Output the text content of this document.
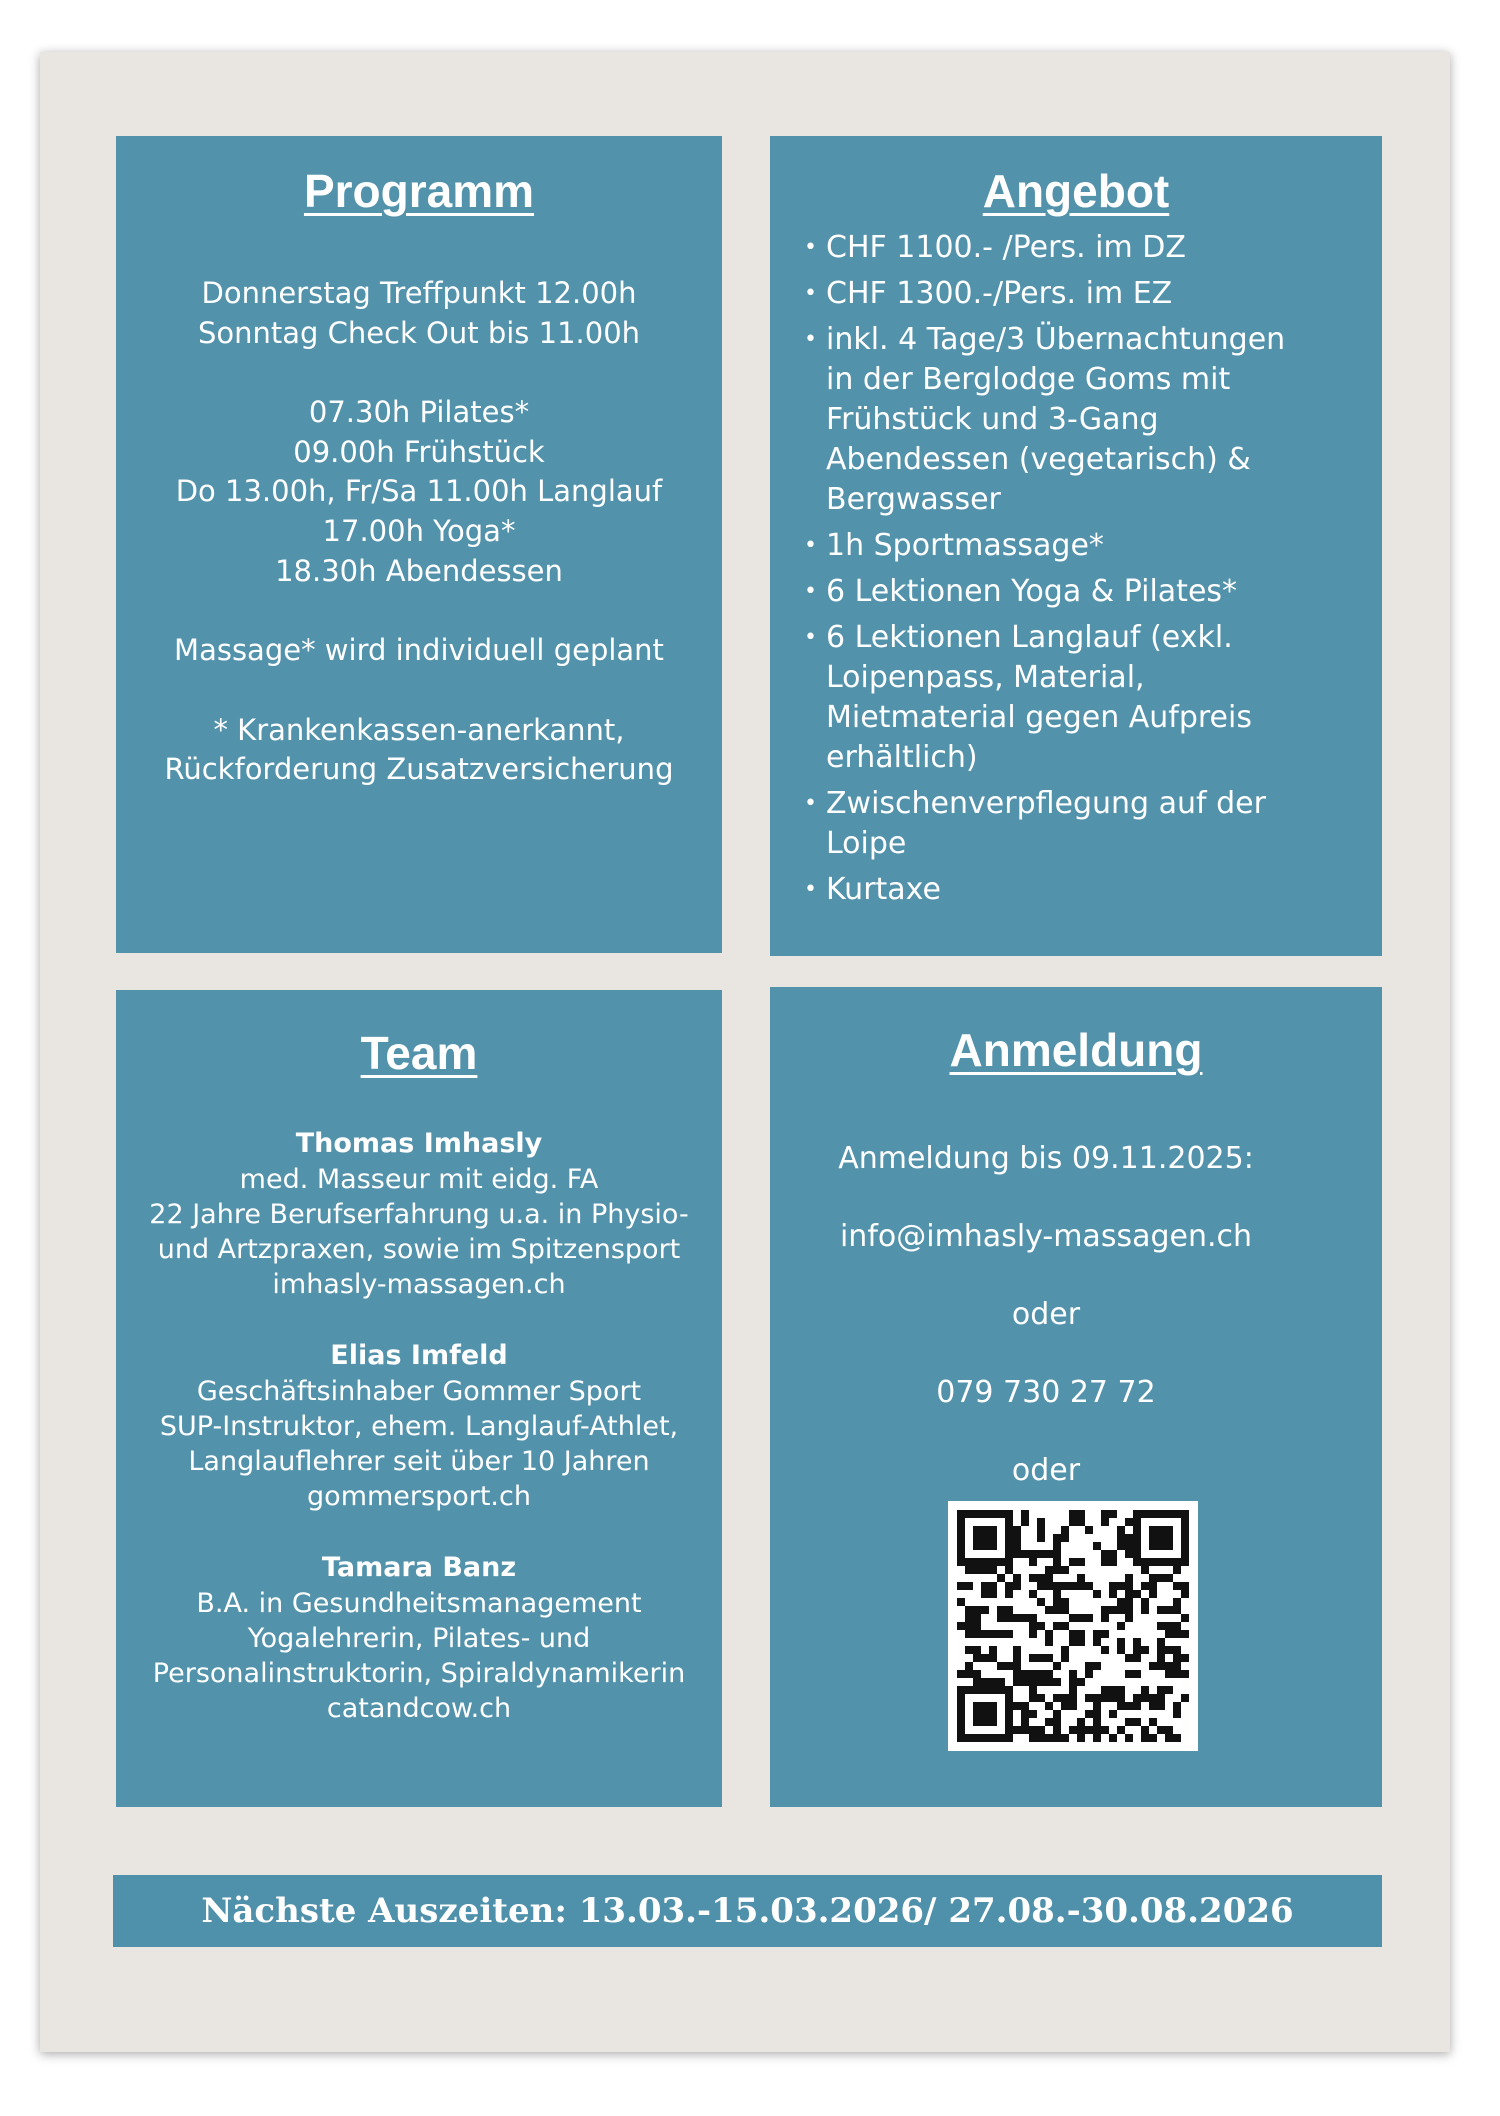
Programm
Donnerstag Treffpunkt 12.00h
Sonntag Check Out bis 11.00h
07.30h Pilates*
09.00h Frühstück
Do 13.00h, Fr/Sa 11.00h Langlauf
17.00h Yoga*
18.30h Abendessen
Massage* wird individuell geplant
* Krankenkassen-anerkannt,
Rückforderung Zusatzversicherung
Angebot
• CHF 1100.- /Pers. im DZ
• CHF 1300.-/Pers. im EZ
• inkl. 4 Tage/3 Übernachtungen
in der Berglodge Goms mit
Frühstück und 3-Gang
Abendessen (vegetarisch) &
Bergwasser
• 1h Sportmassage*
• 6 Lektionen Yoga & Pilates*
• 6 Lektionen Langlauf (exkl.
Loipenpass, Material,
Mietmaterial gegen Aufpreis
erhältlich)
• Zwischenverpflegung auf der
Loipe
• Kurtaxe
Team
Thomas Imhasly
med. Masseur mit eidg. FA
22 Jahre Berufserfahrung u.a. in Physio-
und Artzpraxen, sowie im Spitzensport
imhasly-massagen.ch
Elias Imfeld
Geschäftsinhaber Gommer Sport
SUP-Instruktor, ehem. Langlauf-Athlet,
Langlauflehrer seit über 10 Jahren
gommersport.ch
Tamara Banz
B.A. in Gesundheitsmanagement
Yogalehrerin, Pilates- und
Personalinstruktorin, Spiraldynamikerin
catandcow.ch
Anmeldung
Anmeldung bis 09.11.2025:
info@imhasly-massagen.ch
oder
079 730 27 72
oder
Nächste Auszeiten: 13.03.-15.03.2026/ 27.08.-30.08.2026
